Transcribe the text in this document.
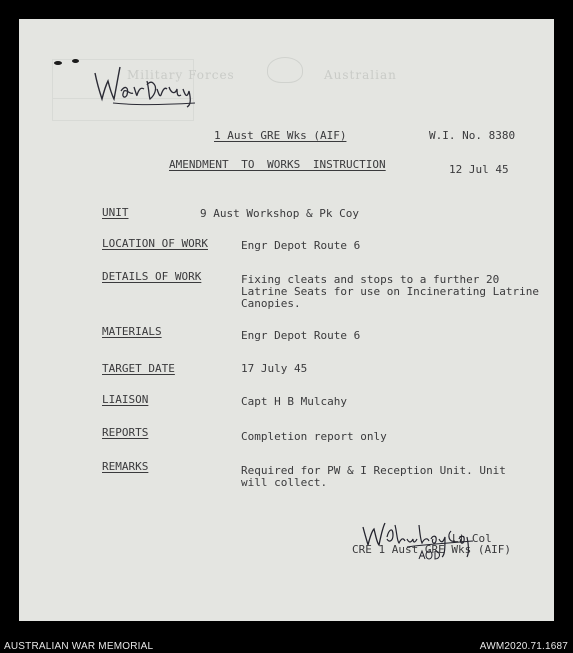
Military Forces	Australian
1 Aust GRE Wks (AIF)	W.I. No. 8380
AMENDMENT TO WORKS INSTRUCTION	12 Jul 45
UNIT	9 Aust Workshop & Pk Coy
LOCATION OF WORK	Engr Depot Route 6
DETAILS OF WORK	Fixing cleats and stops to a further 20
Latrine Seats for use on Incinerating Latrine
Canopies.
MATERIALS	Engr Depot Route 6
TARGET DATE	17 July 45
LIAISON	Capt H B Mulcahy
REPORTS	Completion report only
REMARKS	Required for PW & I Reception Unit. Unit
will collect.
Lt Col
CRE 1 Aust GRE Wks (AIF)
AUSTRALIAN WAR MEMORIAL	AWM2020.71.1687
